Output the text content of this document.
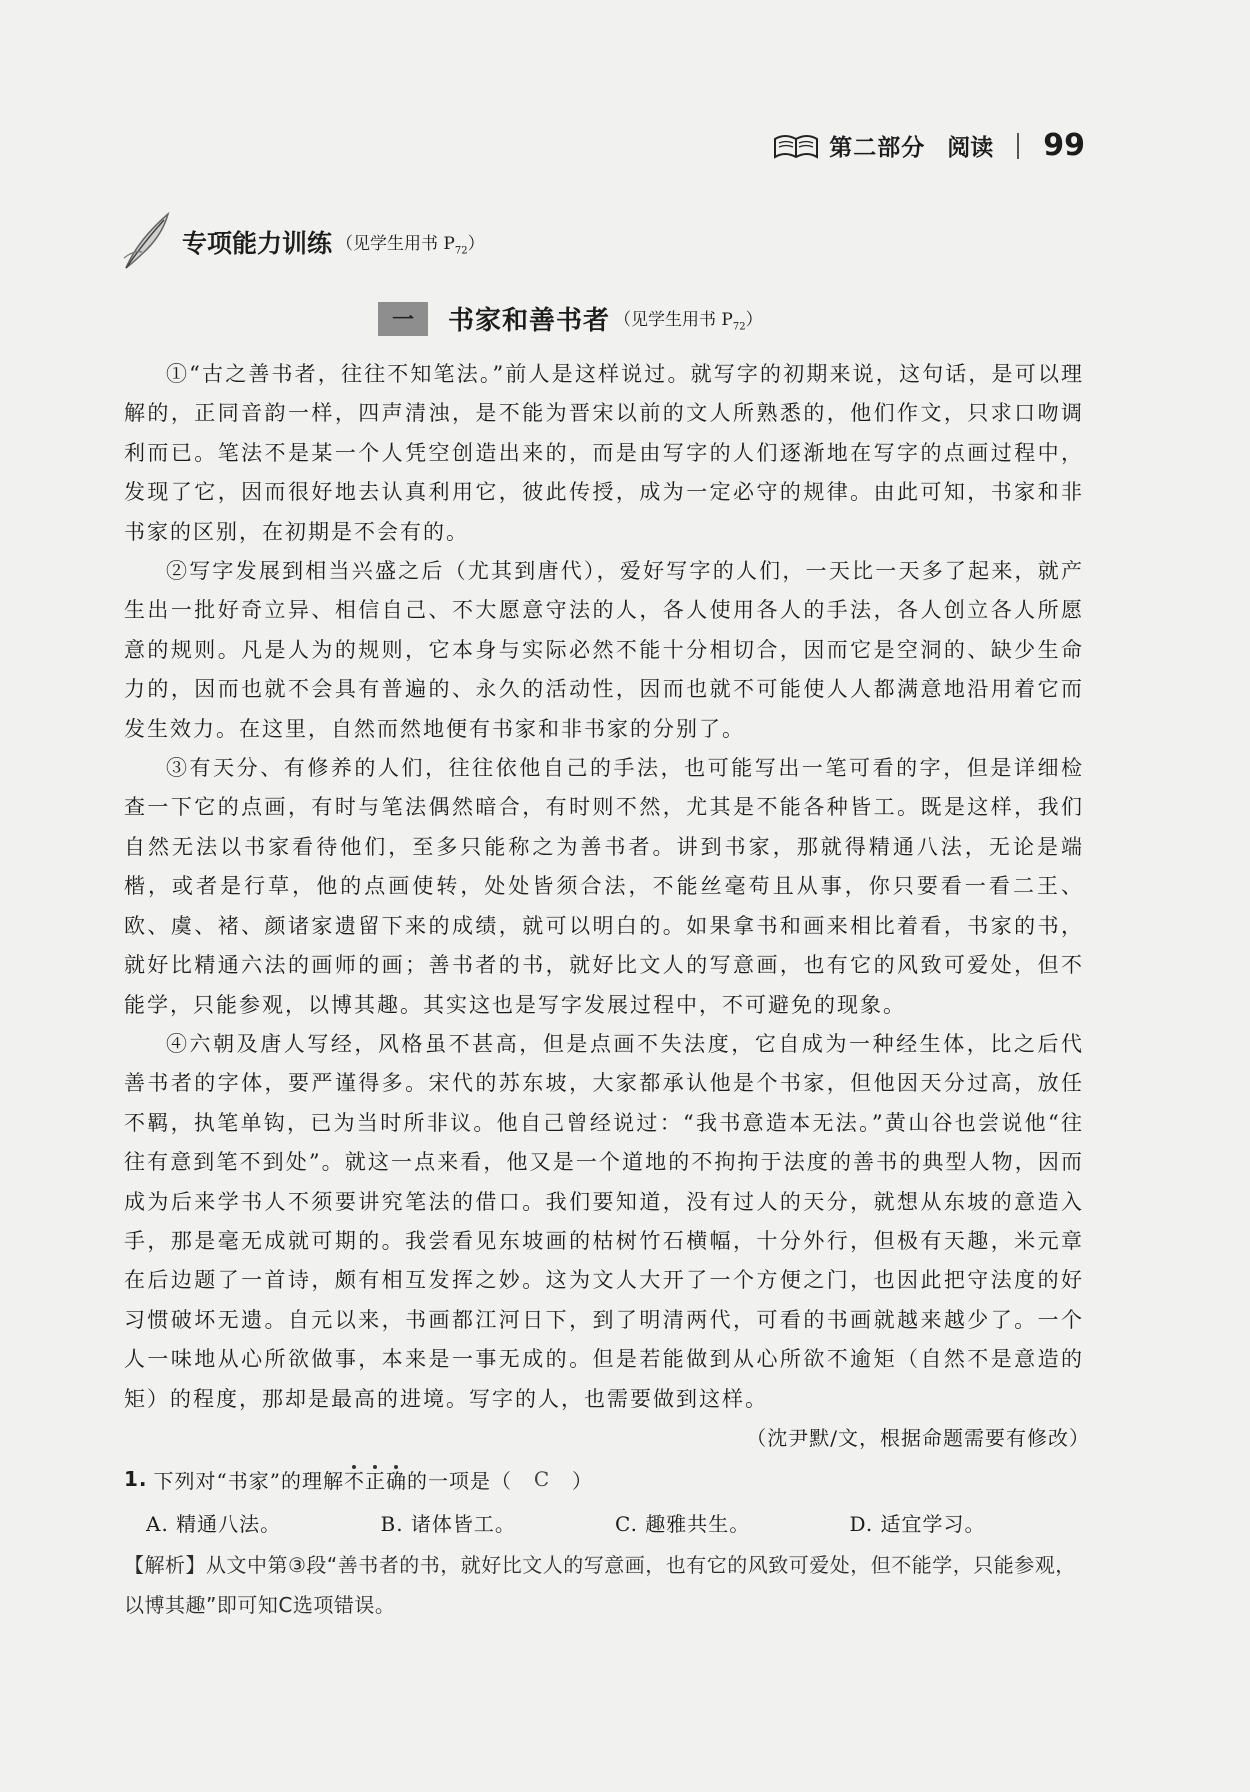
第二部分 阅读 99
专项能力训练 （见学生用书 $P_{72}$）
一	书家和善书者 （见学生用书 $P_{72}$）

①“古之善书者，往往不知笔法。”前人是这样说过。就写字的初期来说，这句话，是可以理解的，正同音韵一样，四声清浊，是不能为晋宋以前的文人所熟悉的，他们作文，只求口吻调利而已。笔法不是某一个人凭空创造出来的，而是由写字的人们逐渐地在写字的点画过程中，发现了它，因而很好地去认真利用它，彼此传授，成为一定必守的规律。由此可知，书家和非书家的区别，在初期是不会有的。

②写字发展到相当兴盛之后（尤其到唐代），爱好写字的人们，一天比一天多了起来，就产生出一批好奇立异、相信自己、不大愿意守法的人，各人使用各人的手法，各人创立各人所愿意的规则。凡是人为的规则，它本身与实际必然不能十分相切合，因而它是空洞的、缺少生命力的，因而也就不会具有普遍的、永久的活动性，因而也就不可能使人人都满意地沿用着它而发生效力。在这里，自然而然地便有书家和非书家的分别了。

③有天分、有修养的人们，往往依他自己的手法，也可能写出一笔可看的字，但是详细检查一下它的点画，有时与笔法偶然暗合，有时则不然，尤其是不能各种皆工。既是这样，我们自然无法以书家看待他们，至多只能称之为善书者。讲到书家，那就得精通八法，无论是端楷，或者是行草，他的点画使转，处处皆须合法，不能丝毫苟且从事，你只要看一看二王、欧、虞、褚、颜诸家遗留下来的成绩，就可以明白的。如果拿书和画来相比着看，书家的书，就好比精通六法的画师的画；善书者的书，就好比文人的写意画，也有它的风致可爱处，但不能学，只能参观，以博其趣。其实这也是写字发展过程中，不可避免的现象。

④六朝及唐人写经，风格虽不甚高，但是点画不失法度，它自成为一种经生体，比之后代善书者的字体，要严谨得多。宋代的苏东坡，大家都承认他是个书家，但他因天分过高，放任不羁，执笔单钩，已为当时所非议。他自己曾经说过：“我书意造本无法。”黄山谷也尝说他“往往有意到笔不到处”。就这一点来看，他又是一个道地的不拘拘于法度的善书的典型人物，因而成为后来学书人不须要讲究笔法的借口。我们要知道，没有过人的天分，就想从东坡的意造入手，那是毫无成就可期的。我尝看见东坡画的枯树竹石横幅，十分外行，但极有天趣，米元章在后边题了一首诗，颇有相互发挥之妙。这为文人大开了一个方便之门，也因此把守法度的好习惯破坏无遗。自元以来，书画都江河日下，到了明清两代，可看的书画就越来越少了。一个人一味地从心所欲做事，本来是一事无成的。但是若能做到从心所欲不逾矩（自然不是意造的矩）的程度，那却是最高的进境。写字的人，也需要做到这样。

（沈尹默/文，根据命题需要有修改）
1. 下列对“书家”的理解 不正确 的一项是（	C	）
A. 精通八法。	B. 诸体皆工。	C. 趣雅共生。	D. 适宜学习。
【解析】从文中第③段“善书者的书，就好比文人的写意画，也有它的风致可爱处，但不能学，只能参观，以博其趣”即可知C选项错误。
